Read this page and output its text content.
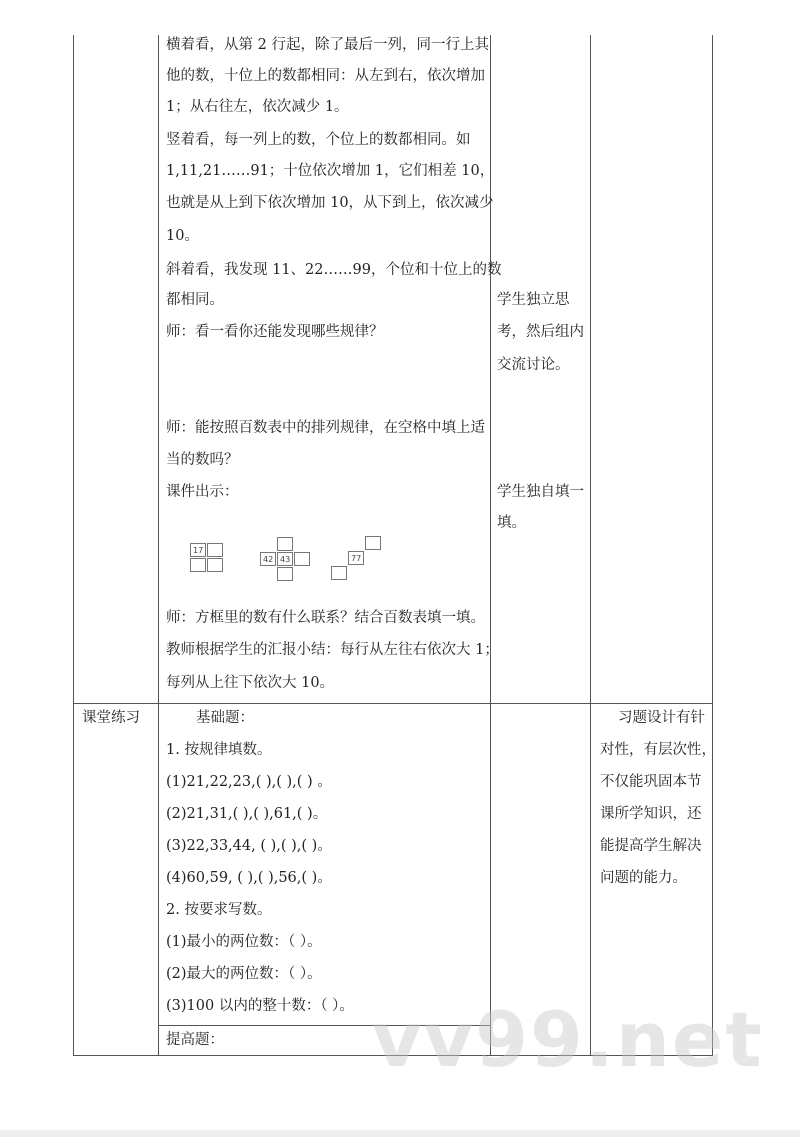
横着看，从第 2 行起，除了最后一列，同一行上其
他的数，十位上的数都相同：从左到右，依次增加
1；从右往左，依次减少 1。
竖着看，每一列上的数，个位上的数都相同。如
1,11,21……91；十位依次增加 1，它们相差 10，
也就是从上到下依次增加 10，从下到上，依次减少
10。
斜着看，我发现 11、22……99，个位和十位上的数
都相同。
师：看一看你还能发现哪些规律？
师：能按照百数表中的排列规律，在空格中填上适
当的数吗？
课件出示：
师：方框里的数有什么联系？结合百数表填一填。
教师根据学生的汇报小结：每行从左往右依次大 1；
每列从上往下依次大 10。
17
42 43	77
学生独立思
考，然后组内
交流讨论。
学生独自填一
填。
课堂练习	基础题：
1. 按规律填数。
(1)21,22,23,( ),( ),( ) 。
(2)21,31,( ),( ),61,( )。
(3)22,33,44, ( ),( ),( )。
(4)60,59, ( ),( ),56,( )。
2. 按要求写数。
(1)最小的两位数：（ ）。
(2)最大的两位数：（ ）。
(3)100 以内的整十数：（ ）。
提高题：
习题设计有针
对性，有层次性，
不仅能巩固本节
课所学知识，还
能提高学生解决
问题的能力。
vv99.net
